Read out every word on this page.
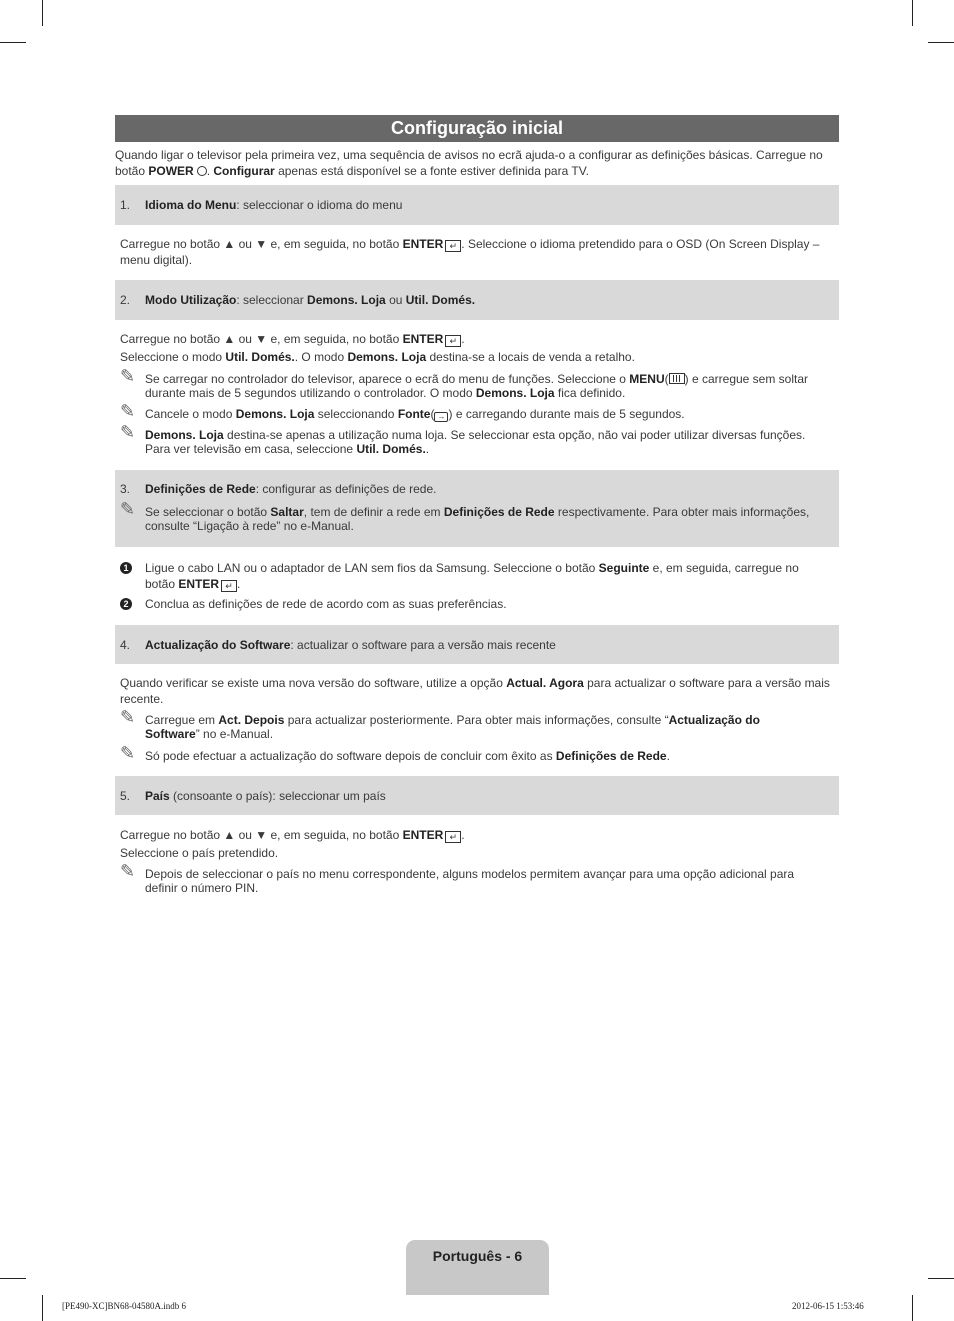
Configuração inicial
Quando ligar o televisor pela primeira vez, uma sequência de avisos no ecrã ajuda-o a configurar as definições básicas. Carregue no
botão POWER . Configurar apenas está disponível se a fonte estiver definida para TV.
1. Idioma do Menu: seleccionar o idioma do menu
Carregue no botão ▲ ou ▼ e, em seguida, no botão ENTER ↵ . Seleccione o idioma pretendido para o OSD (On Screen Display –
menu digital).
2. Modo Utilização: seleccionar Demons. Loja ou Util. Domés.
Carregue no botão ▲ ou ▼ e, em seguida, no botão ENTER ↵ .
Seleccione o modo Util. Domés.. O modo Demons. Loja destina-se a locais de venda a retalho.
✎ Se carregar no controlador do televisor, aparece o ecrã do menu de funções. Seleccione o MENU( ) e carregue sem soltar
durante mais de 5 segundos utilizando o controlador. O modo Demons. Loja fica definido.
✎ Cancele o modo Demons. Loja seleccionando Fonte( → ) e carregando durante mais de 5 segundos.
✎ Demons. Loja destina-se apenas a utilização numa loja. Se seleccionar esta opção, não vai poder utilizar diversas funções.
Para ver televisão em casa, seleccione Util. Domés..
3. Definições de Rede: configurar as definições de rede.
✎ Se seleccionar o botão Saltar, tem de definir a rede em Definições de Rede respectivamente. Para obter mais informações,
consulte “Ligação à rede” no e-Manual.
1 Ligue o cabo LAN ou o adaptador de LAN sem fios da Samsung. Seleccione o botão Seguinte e, em seguida, carregue no
botão ENTER ↵ .
2 Conclua as definições de rede de acordo com as suas preferências.
4. Actualização do Software: actualizar o software para a versão mais recente
Quando verificar se existe uma nova versão do software, utilize a opção Actual. Agora para actualizar o software para a versão mais
recente.
✎ Carregue em Act. Depois para actualizar posteriormente. Para obter mais informações, consulte “Actualização do
Software” no e-Manual.
✎ Só pode efectuar a actualização do software depois de concluir com êxito as Definições de Rede.
5. País (consoante o país): seleccionar um país
Carregue no botão ▲ ou ▼ e, em seguida, no botão ENTER ↵ .
Seleccione o país pretendido.
✎ Depois de seleccionar o país no menu correspondente, alguns modelos permitem avançar para uma opção adicional para
definir o número PIN.
Português - 6
[PE490-XC]BN68-04580A.indb 6	2012-06-15 1:53:46
